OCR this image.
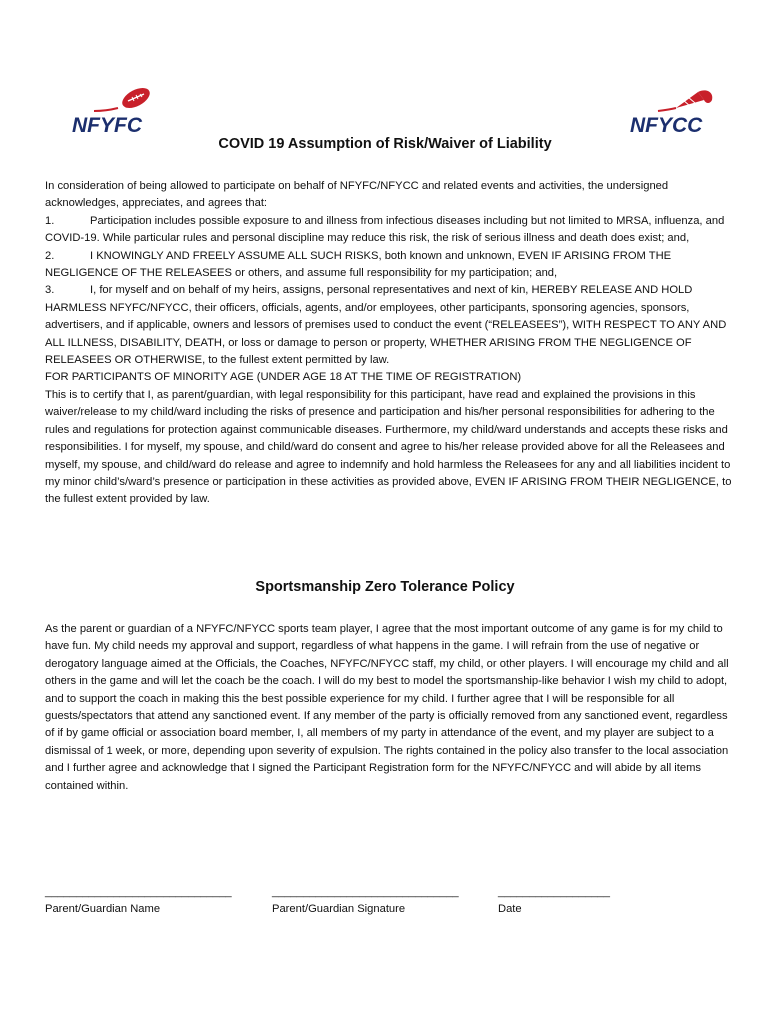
NFYFC	NFYCC
COVID 19 Assumption of Risk/Waiver of Liability

In consideration of being allowed to participate on behalf of NFYFC/NFYCC and related events and activities, the undersigned acknowledges, appreciates, and agrees that:

1.	Participation includes possible exposure to and illness from infectious diseases including but not limited to MRSA, influenza, and COVID-19. While particular rules and personal discipline may reduce this risk, the risk of serious illness and death does exist; and,

2.	I KNOWINGLY AND FREELY ASSUME ALL SUCH RISKS, both known and unknown, EVEN IF ARISING FROM THE NEGLIGENCE OF THE RELEASEES or others, and assume full responsibility for my participation; and,

3.	I, for myself and on behalf of my heirs, assigns, personal representatives and next of kin, HEREBY RELEASE AND HOLD HARMLESS NFYFC/NFYCC, their officers, officials, agents, and/or employees, other participants, sponsoring agencies, sponsors, advertisers, and if applicable, owners and lessors of premises used to conduct the event (“RELEASEES”), WITH RESPECT TO ANY AND ALL ILLNESS, DISABILITY, DEATH, or loss or damage to person or property, WHETHER ARISING FROM THE NEGLIGENCE OF RELEASEES OR OTHERWISE, to the fullest extent permitted by law.

FOR PARTICIPANTS OF MINORITY AGE (UNDER AGE 18 AT THE TIME OF REGISTRATION)

This is to certify that I, as parent/guardian, with legal responsibility for this participant, have read and explained the provisions in this waiver/release to my child/ward including the risks of presence and participation and his/her personal responsibilities for adhering to the rules and regulations for protection against communicable diseases. Furthermore, my child/ward understands and accepts these risks and responsibilities. I for myself, my spouse, and child/ward do consent and agree to his/her release provided above for all the Releasees and myself, my spouse, and child/ward do release and agree to indemnify and hold harmless the Releasees for any and all liabilities incident to my minor child’s/ward’s presence or participation in these activities as provided above, EVEN IF ARISING FROM THEIR NEGLIGENCE, to the fullest extent provided by law.

Sportsmanship Zero Tolerance Policy

As the parent or guardian of a NFYFC/NFYCC sports team player, I agree that the most important outcome of any game is for my child to have fun. My child needs my approval and support, regardless of what happens in the game. I will refrain from the use of negative or derogatory language aimed at the Officials, the Coaches, NFYFC/NFYCC staff, my child, or other players. I will encourage my child and all others in the game and will let the coach be the coach. I will do my best to model the sportsmanship-like behavior I wish my child to adopt, and to support the coach in making this the best possible experience for my child. I further agree that I will be responsible for all guests/spectators that attend any sanctioned event. If any member of the party is officially removed from any sanctioned event, regardless of if by game official or association board member, I, all members of my party in attendance of the event, and my player are subject to a dismissal of 1 week, or more, depending upon severity of expulsion. The rights contained in the policy also transfer to the local association and I further agree and acknowledge that I signed the Participant Registration form for the NFYFC/NFYCC and will abide by all items contained within.

______________________________
Parent/Guardian Name
______________________________
Parent/Guardian Signature
__________________
Date
